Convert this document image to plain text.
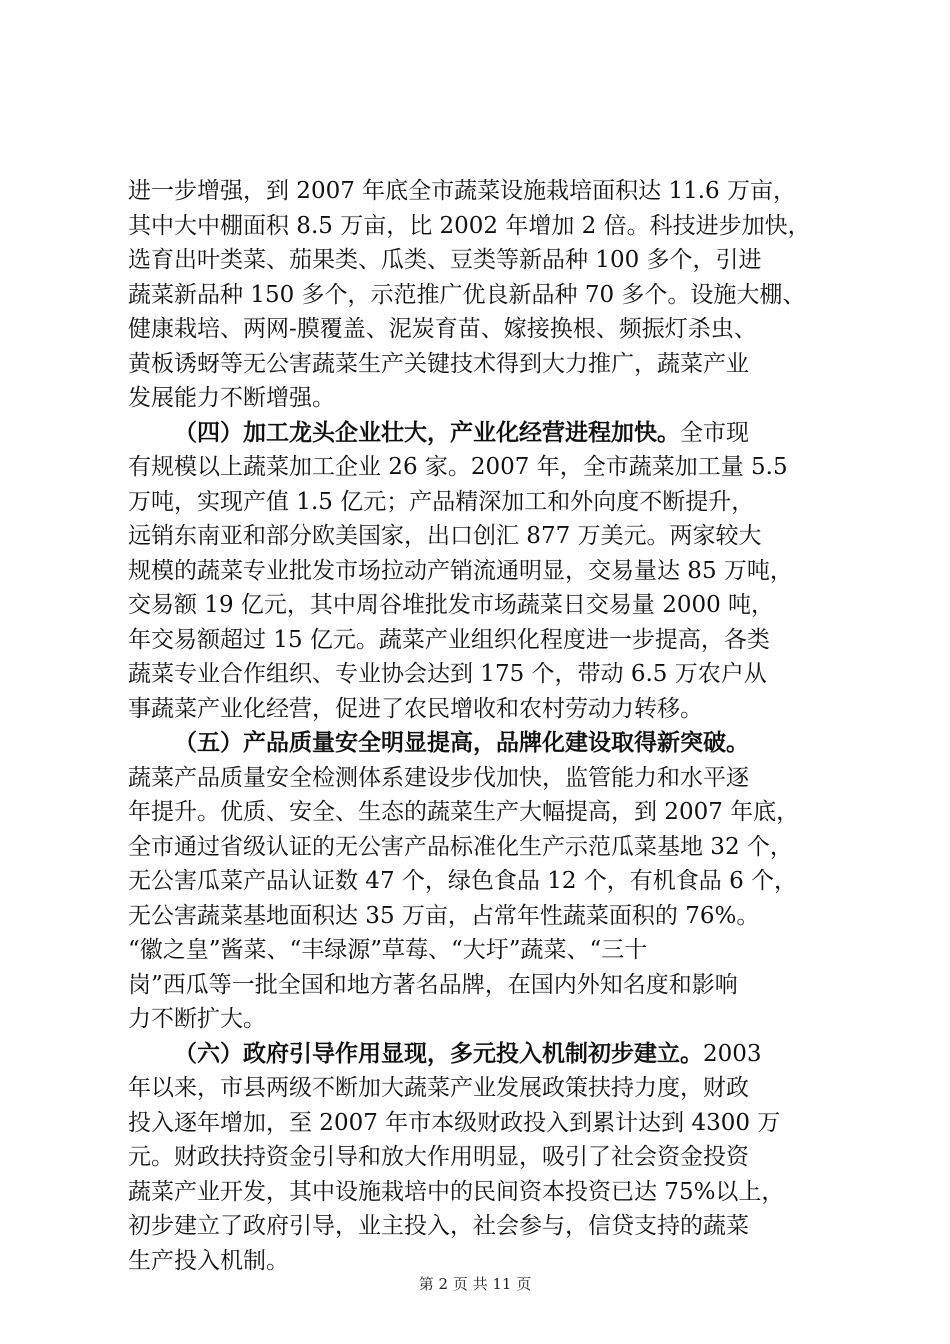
进一步增强，到 2007 年底全市蔬菜设施栽培面积达 11.6 万亩，
其中大中棚面积 8.5 万亩，比 2002 年增加 2 倍。科技进步加快，
选育出叶类菜、茄果类、瓜类、豆类等新品种 100 多个，引进
蔬菜新品种 150 多个，示范推广优良新品种 70 多个。设施大棚、
健康栽培、两网-膜覆盖、泥炭育苗、嫁接换根、频振灯杀虫、
黄板诱蚜等无公害蔬菜生产关键技术得到大力推广，蔬菜产业
发展能力不断增强。
（四）加工龙头企业壮大，产业化经营进程加快。全市现
有规模以上蔬菜加工企业 26 家。2007 年，全市蔬菜加工量 5.5
万吨，实现产值 1.5 亿元；产品精深加工和外向度不断提升，
远销东南亚和部分欧美国家，出口创汇 877 万美元。两家较大
规模的蔬菜专业批发市场拉动产销流通明显，交易量达 85 万吨，
交易额 19 亿元，其中周谷堆批发市场蔬菜日交易量 2000 吨，
年交易额超过 15 亿元。蔬菜产业组织化程度进一步提高，各类
蔬菜专业合作组织、专业协会达到 175 个，带动 6.5 万农户从
事蔬菜产业化经营，促进了农民增收和农村劳动力转移。
（五）产品质量安全明显提高，品牌化建设取得新突破。
蔬菜产品质量安全检测体系建设步伐加快，监管能力和水平逐
年提升。优质、安全、生态的蔬菜生产大幅提高，到 2007 年底，
全市通过省级认证的无公害产品标准化生产示范瓜菜基地 32 个，
无公害瓜菜产品认证数 47 个，绿色食品 12 个，有机食品 6 个，
无公害蔬菜基地面积达 35 万亩，占常年性蔬菜面积的 76%。
“徽之皇”酱菜、“丰绿源”草莓、“大圩”蔬菜、“三十
岗”西瓜等一批全国和地方著名品牌，在国内外知名度和影响
力不断扩大。
（六）政府引导作用显现，多元投入机制初步建立。2003
年以来，市县两级不断加大蔬菜产业发展政策扶持力度，财政
投入逐年增加，至 2007 年市本级财政投入到累计达到 4300 万
元。财政扶持资金引导和放大作用明显，吸引了社会资金投资
蔬菜产业开发，其中设施栽培中的民间资本投资已达 75%以上，
初步建立了政府引导，业主投入，社会参与，信贷支持的蔬菜
生产投入机制。
第 2 页 共 11 页
